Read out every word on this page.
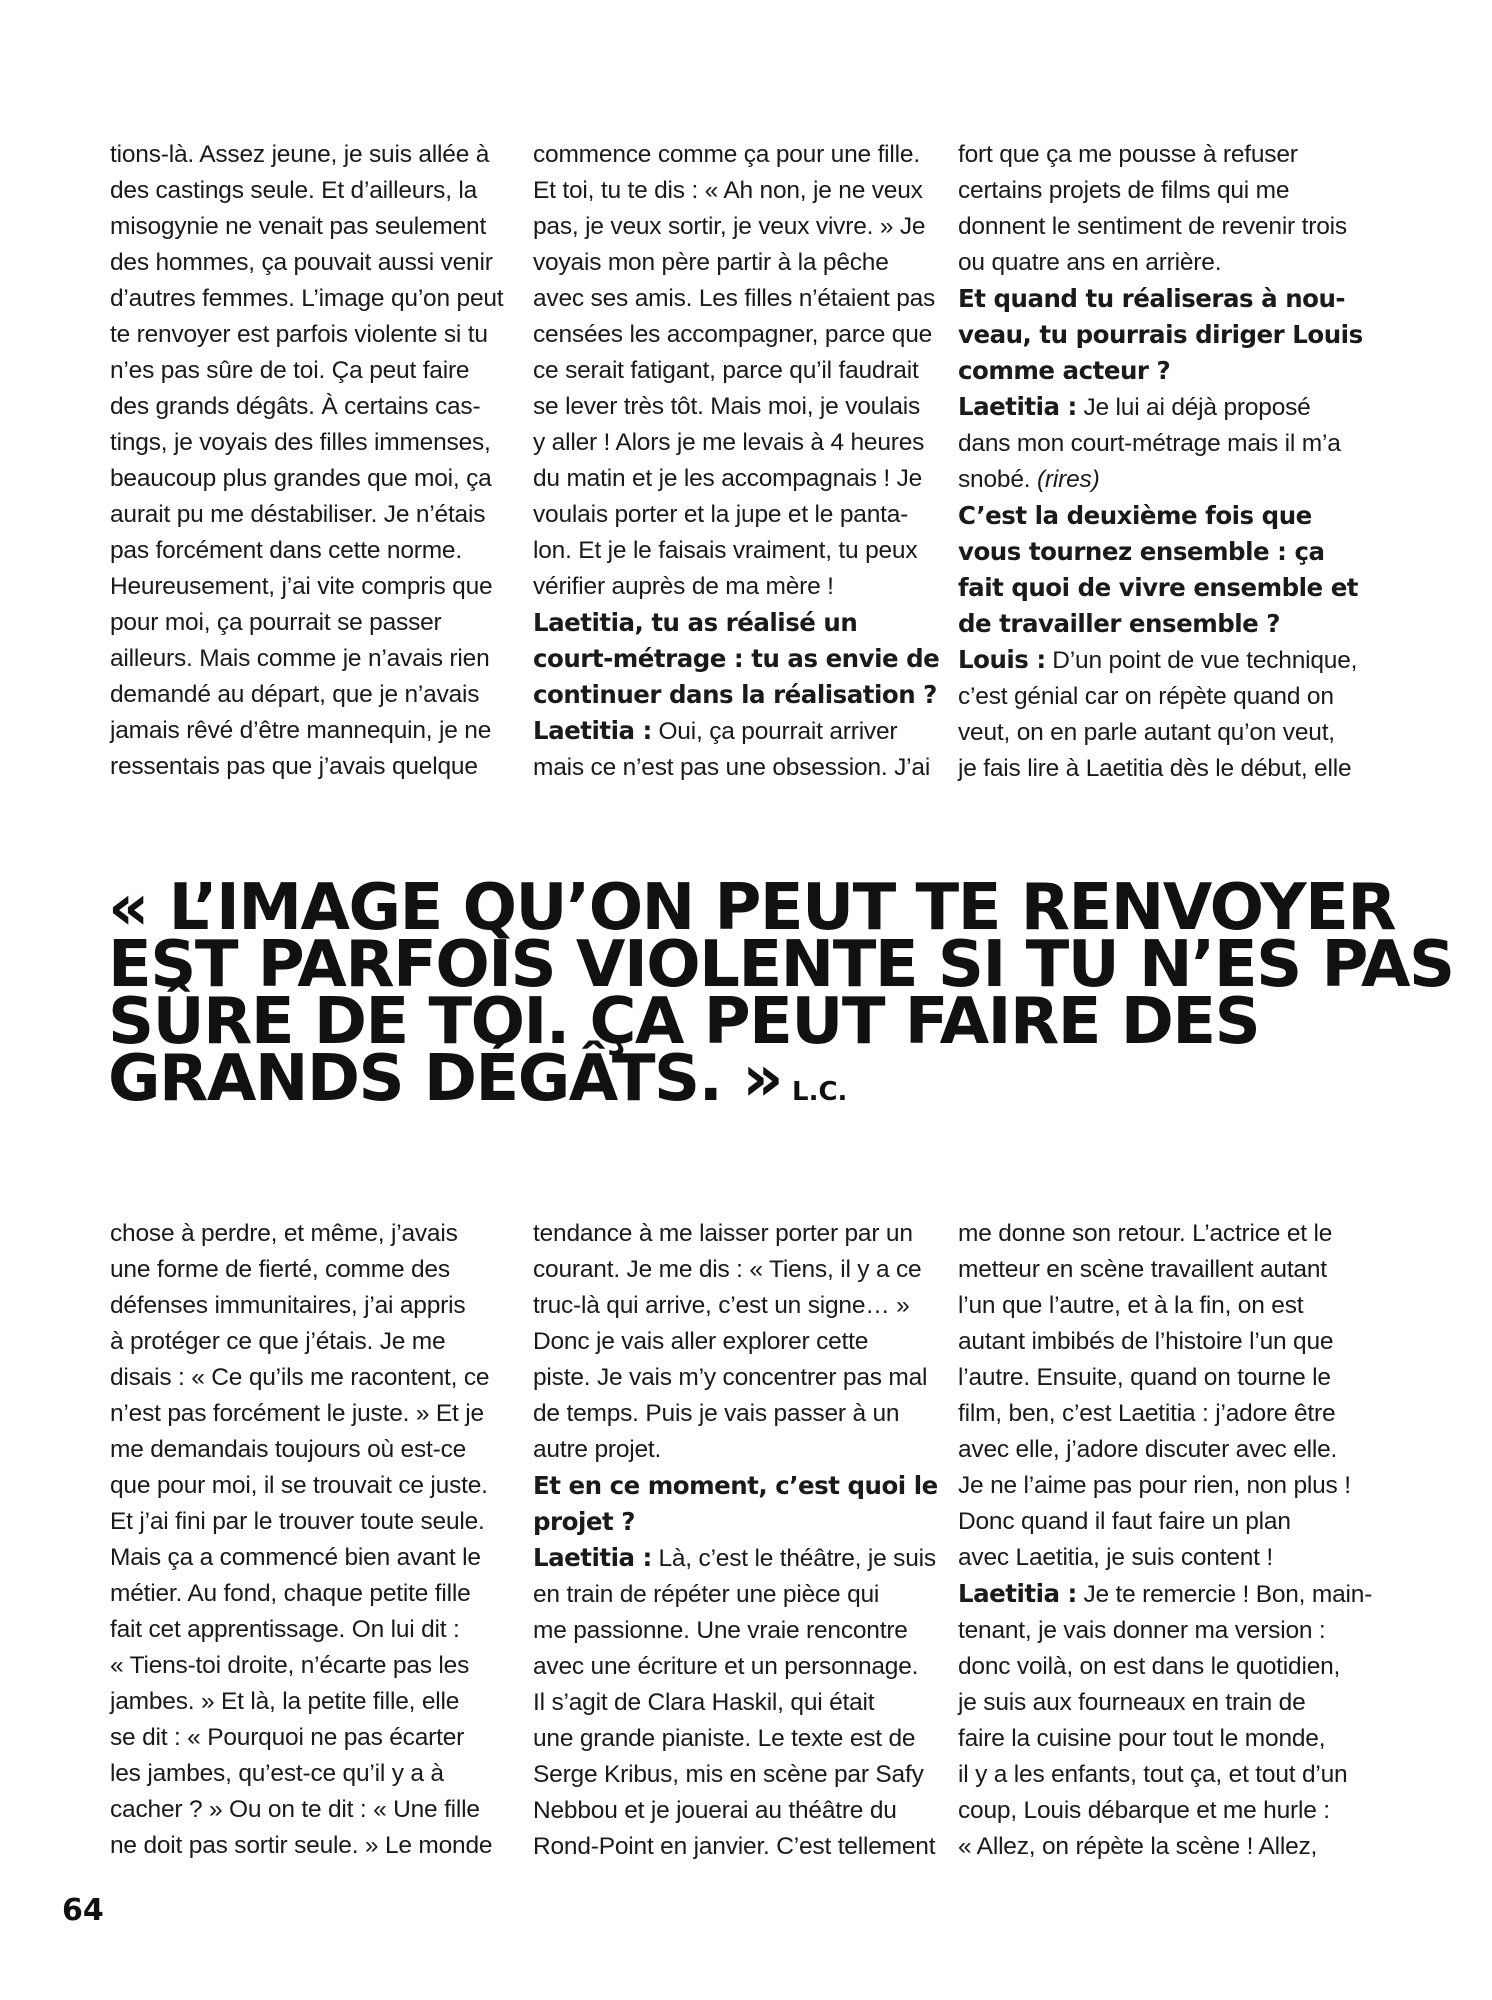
tions-là. Assez jeune, je suis allée à
des castings seule. Et d’ailleurs, la
misogynie ne venait pas seulement
des hommes, ça pouvait aussi venir
d’autres femmes. L’image qu’on peut
te renvoyer est parfois violente si tu
n’es pas sûre de toi. Ça peut faire
des grands dégâts. À certains cas-
tings, je voyais des filles immenses,
beaucoup plus grandes que moi, ça
aurait pu me déstabiliser. Je n’étais
pas forcément dans cette norme.
Heureusement, j’ai vite compris que
pour moi, ça pourrait se passer
ailleurs. Mais comme je n’avais rien
demandé au départ, que je n’avais
jamais rêvé d’être mannequin, je ne
ressentais pas que j’avais quelque
commence comme ça pour une fille.
Et toi, tu te dis : « Ah non, je ne veux
pas, je veux sortir, je veux vivre. » Je
voyais mon père partir à la pêche
avec ses amis. Les filles n’étaient pas
censées les accompagner, parce que
ce serait fatigant, parce qu’il faudrait
se lever très tôt. Mais moi, je voulais
y aller ! Alors je me levais à 4 heures
du matin et je les accompagnais ! Je
voulais porter et la jupe et le panta-
lon. Et je le faisais vraiment, tu peux
vérifier auprès de ma mère !
Laetitia, tu as réalisé un
court-métrage : tu as envie de
continuer dans la réalisation ?
Laetitia : Oui, ça pourrait arriver
mais ce n’est pas une obsession. J’ai
fort que ça me pousse à refuser
certains projets de films qui me
donnent le sentiment de revenir trois
ou quatre ans en arrière.
Et quand tu réaliseras à nou-
veau, tu pourrais diriger Louis
comme acteur ?
Laetitia : Je lui ai déjà proposé
dans mon court-métrage mais il m’a
snobé. (rires)
C’est la deuxième fois que
vous tournez ensemble : ça
fait quoi de vivre ensemble et
de travailler ensemble ?
Louis : D’un point de vue technique,
c’est génial car on répète quand on
veut, on en parle autant qu’on veut,
je fais lire à Laetitia dès le début, elle
« L’IMAGE QU’ON PEUT TE RENVOYER
EST PARFOIS VIOLENTE SI TU N’ES PAS
SÛRE DE TOI. ÇA PEUT FAIRE DES
GRANDS DÉGÂTS. » L.C.
chose à perdre, et même, j’avais
une forme de fierté, comme des
défenses immunitaires, j’ai appris
à protéger ce que j’étais. Je me
disais : « Ce qu’ils me racontent, ce
n’est pas forcément le juste. » Et je
me demandais toujours où est-ce
que pour moi, il se trouvait ce juste.
Et j’ai fini par le trouver toute seule.
Mais ça a commencé bien avant le
métier. Au fond, chaque petite fille
fait cet apprentissage. On lui dit :
« Tiens-toi droite, n’écarte pas les
jambes. » Et là, la petite fille, elle
se dit : « Pourquoi ne pas écarter
les jambes, qu’est-ce qu’il y a à
cacher ? » Ou on te dit : « Une fille
ne doit pas sortir seule. » Le monde
tendance à me laisser porter par un
courant. Je me dis : « Tiens, il y a ce
truc-là qui arrive, c’est un signe… »
Donc je vais aller explorer cette
piste. Je vais m’y concentrer pas mal
de temps. Puis je vais passer à un
autre projet.
Et en ce moment, c’est quoi le
projet ?
Laetitia : Là, c’est le théâtre, je suis
en train de répéter une pièce qui
me passionne. Une vraie rencontre
avec une écriture et un personnage.
Il s’agit de Clara Haskil, qui était
une grande pianiste. Le texte est de
Serge Kribus, mis en scène par Safy
Nebbou et je jouerai au théâtre du
Rond-Point en janvier. C’est tellement
me donne son retour. L’actrice et le
metteur en scène travaillent autant
l’un que l’autre, et à la fin, on est
autant imbibés de l’histoire l’un que
l’autre. Ensuite, quand on tourne le
film, ben, c’est Laetitia : j’adore être
avec elle, j’adore discuter avec elle.
Je ne l’aime pas pour rien, non plus !
Donc quand il faut faire un plan
avec Laetitia, je suis content !
Laetitia : Je te remercie ! Bon, main-
tenant, je vais donner ma version :
donc voilà, on est dans le quotidien,
je suis aux fourneaux en train de
faire la cuisine pour tout le monde,
il y a les enfants, tout ça, et tout d’un
coup, Louis débarque et me hurle :
« Allez, on répète la scène ! Allez,
64
